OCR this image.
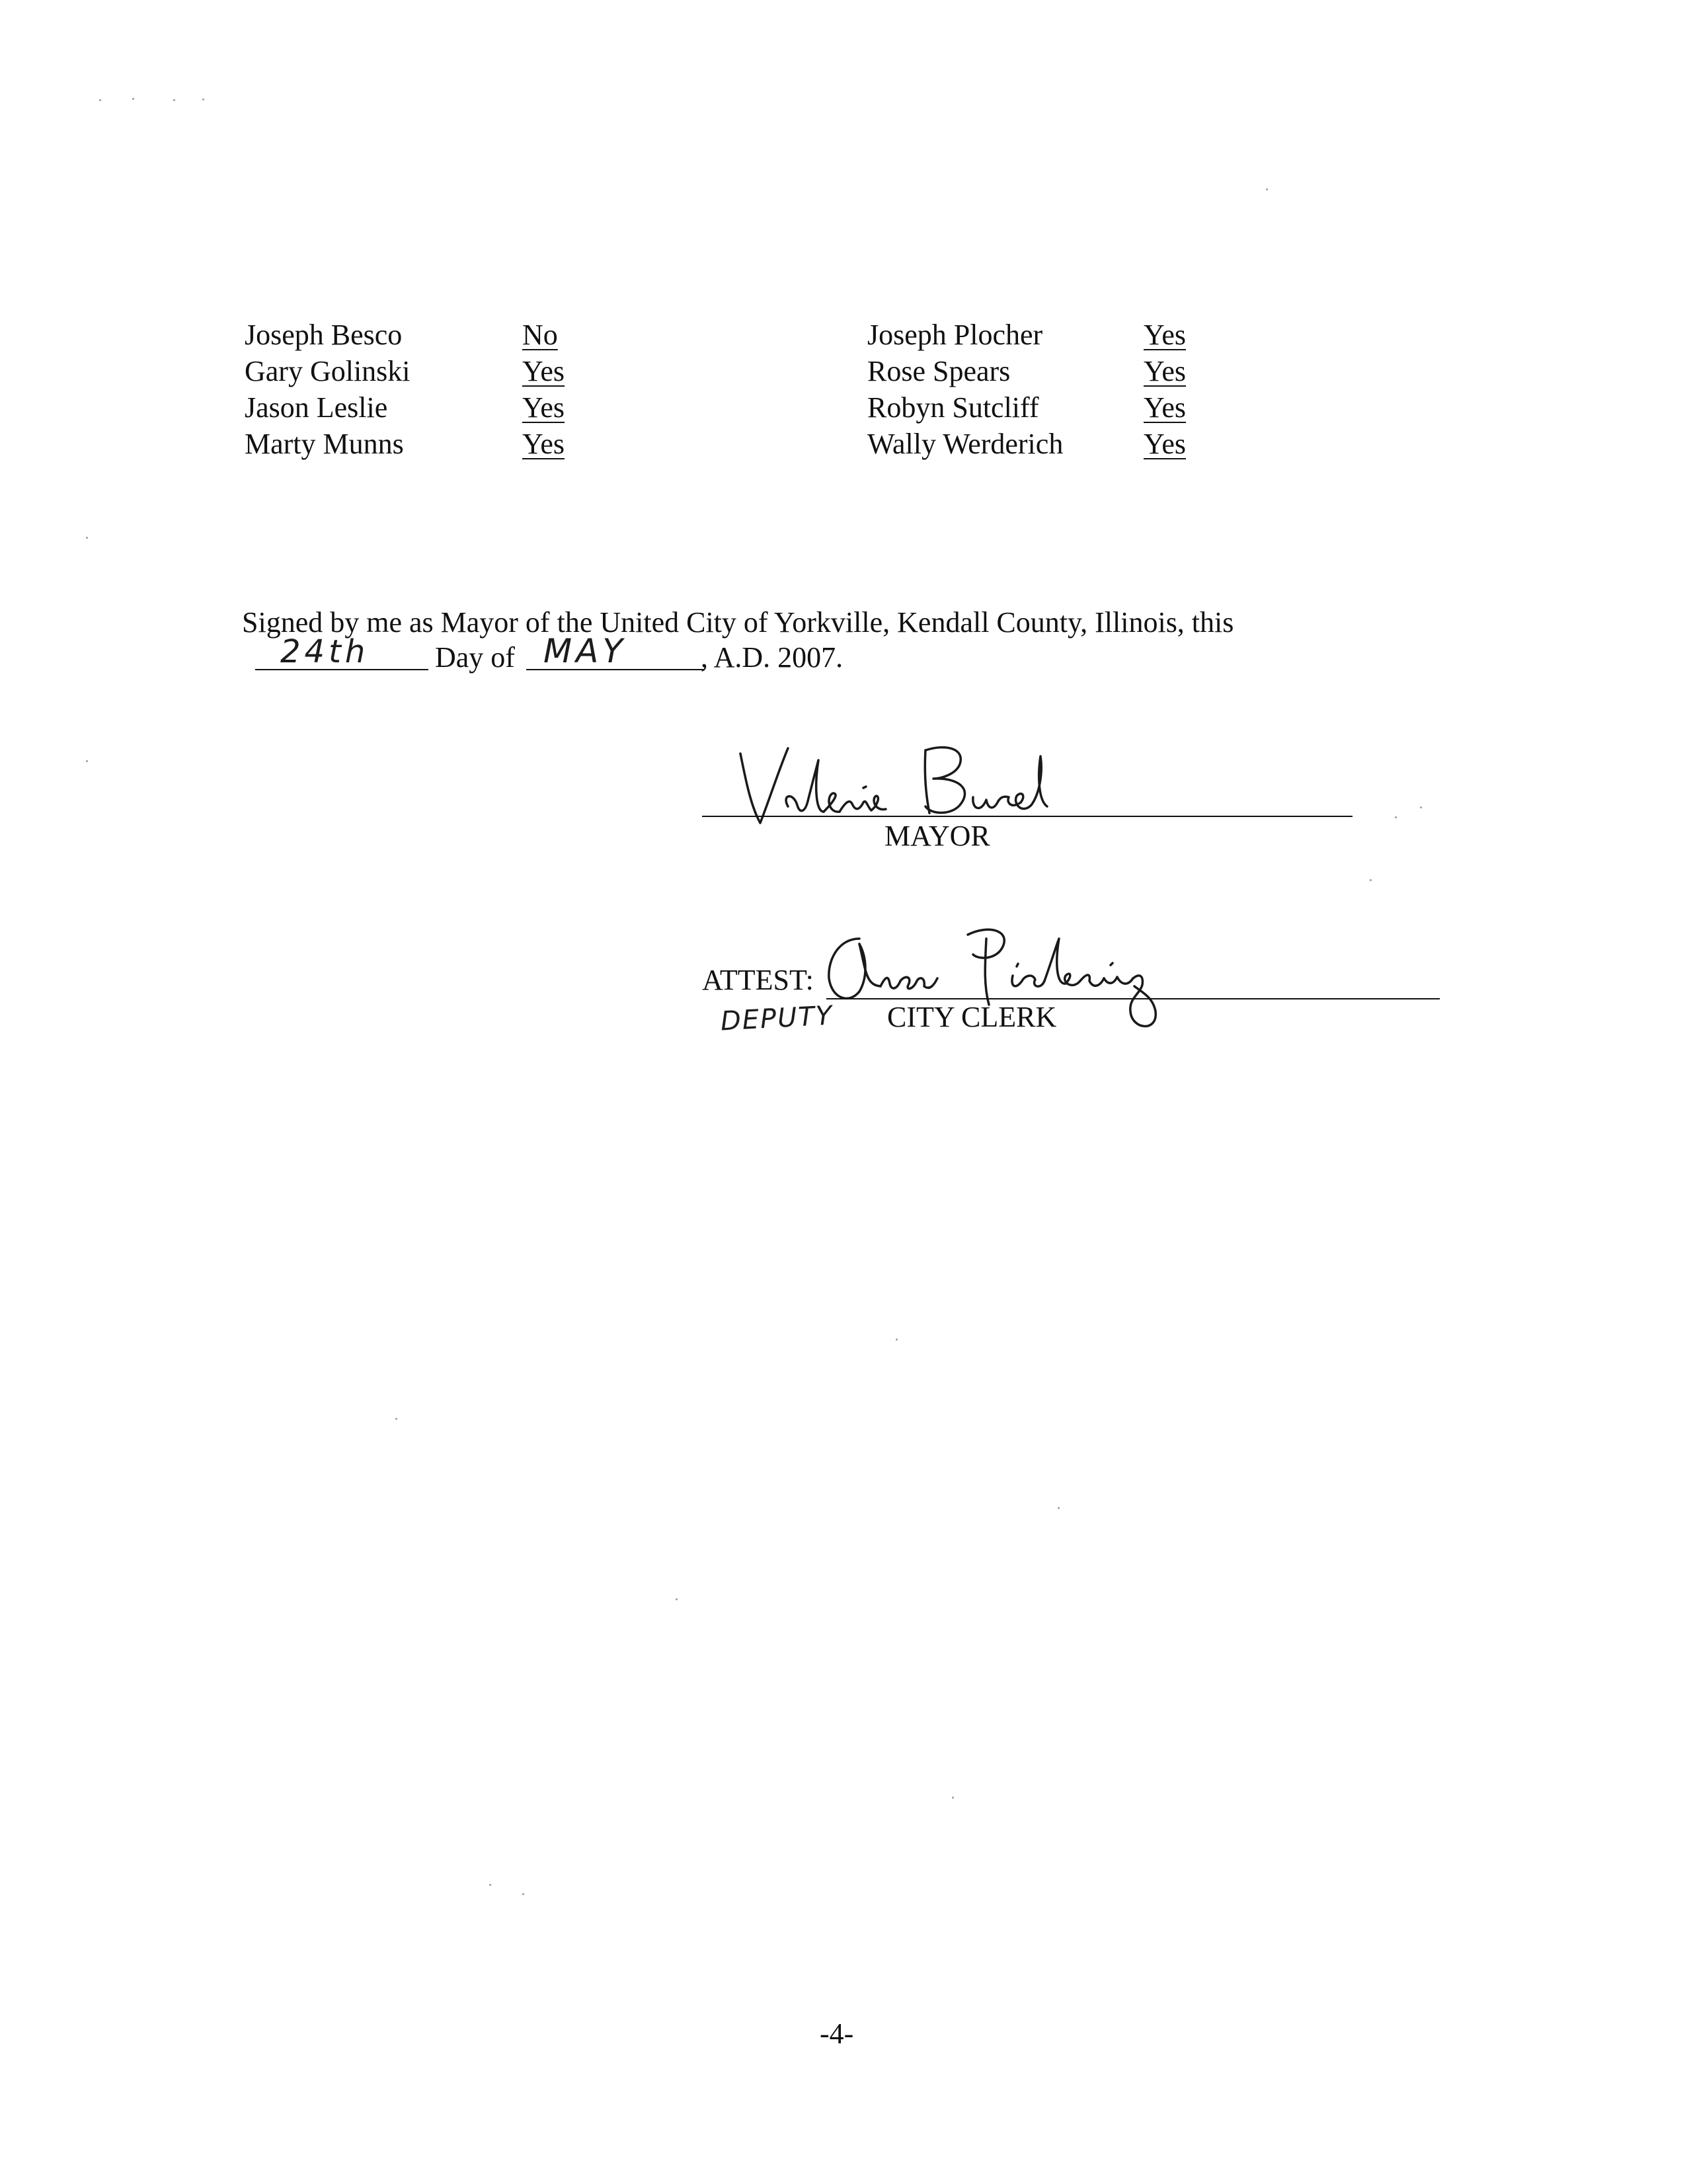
Joseph Besco	No
Gary Golinski	Yes
Jason Leslie	Yes
Marty Munns	Yes
Joseph Plocher	Yes
Rose Spears	Yes
Robyn Sutcliff	Yes
Wally Werderich	Yes
Signed by me as Mayor of the United City of Yorkville, Kendall County, Illinois, this
24th Day of MAY	, A.D. 2007.
MAYOR
ATTEST:
DEPUTY CITY CLERK
-4-
